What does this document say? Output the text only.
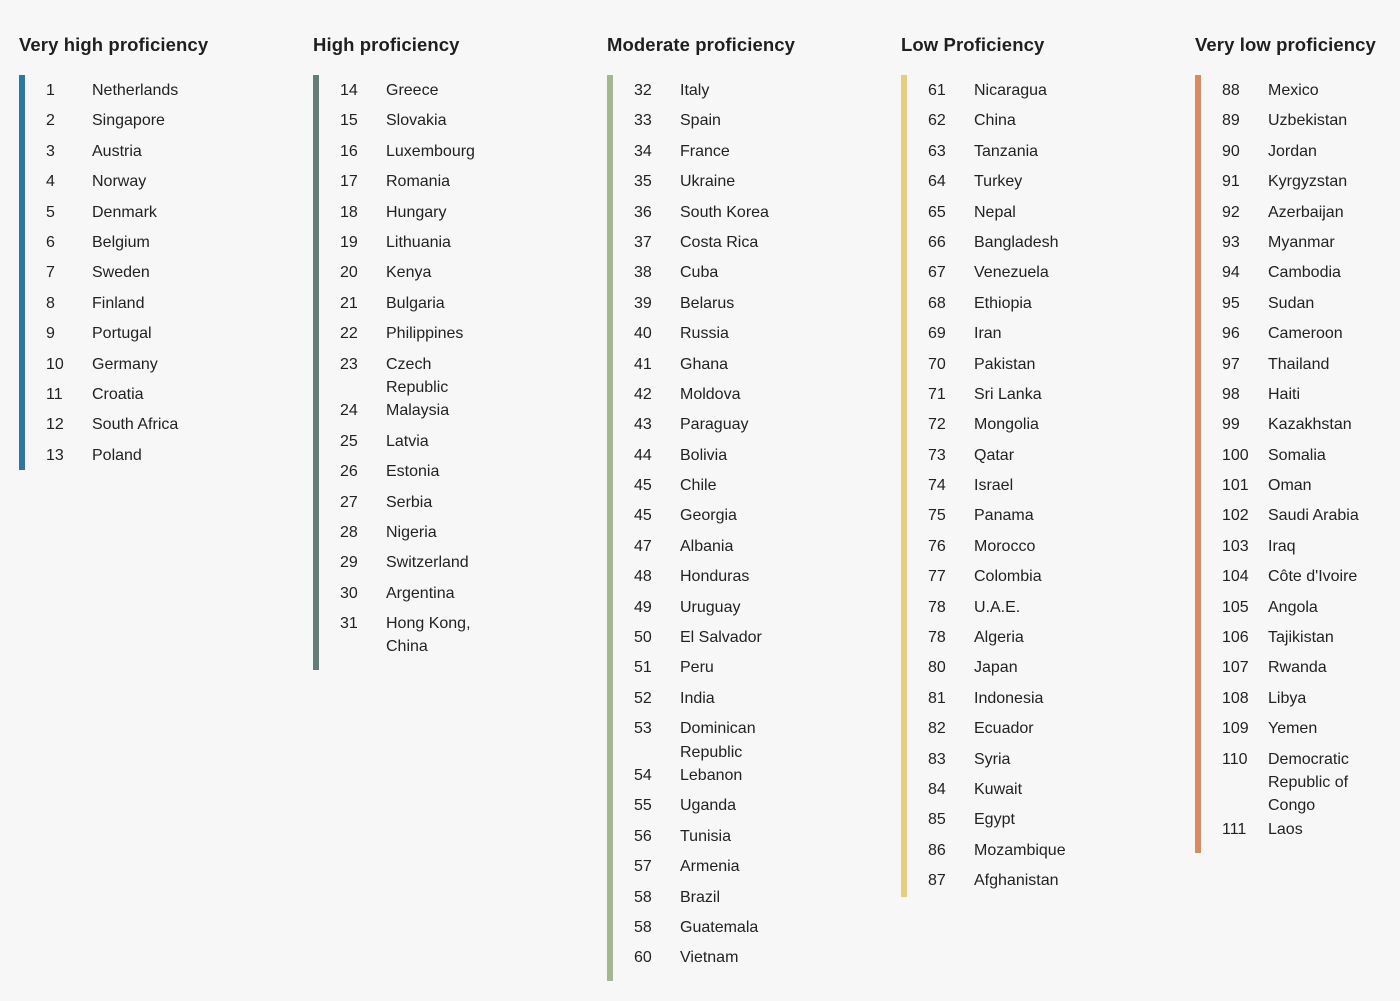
Very high proficiency
1	Netherlands
2	Singapore
3	Austria
4	Norway
5	Denmark
6	Belgium
7	Sweden
8	Finland
9	Portugal
10	Germany
11	Croatia
12	South Africa
13	Poland
High proficiency
14	Greece
15	Slovakia
16	Luxembourg
17	Romania
18	Hungary
19	Lithuania
20	Kenya
21	Bulgaria
22	Philippines
23	Czech Republic
24	Malaysia
25	Latvia
26	Estonia
27	Serbia
28	Nigeria
29	Switzerland
30	Argentina
31	Hong Kong, China
Moderate proficiency
32	Italy
33	Spain
34	France
35	Ukraine
36	South Korea
37	Costa Rica
38	Cuba
39	Belarus
40	Russia
41	Ghana
42	Moldova
43	Paraguay
44	Bolivia
45	Chile
45	Georgia
47	Albania
48	Honduras
49	Uruguay
50	El Salvador
51	Peru
52	India
53	Dominican Republic
54	Lebanon
55	Uganda
56	Tunisia
57	Armenia
58	Brazil
58	Guatemala
60	Vietnam
Low Proficiency
61	Nicaragua
62	China
63	Tanzania
64	Turkey
65	Nepal
66	Bangladesh
67	Venezuela
68	Ethiopia
69	Iran
70	Pakistan
71	Sri Lanka
72	Mongolia
73	Qatar
74	Israel
75	Panama
76	Morocco
77	Colombia
78	U.A.E.
78	Algeria
80	Japan
81	Indonesia
82	Ecuador
83	Syria
84	Kuwait
85	Egypt
86	Mozambique
87	Afghanistan
Very low proficiency
88	Mexico
89	Uzbekistan
90	Jordan
91	Kyrgyzstan
92	Azerbaijan
93	Myanmar
94	Cambodia
95	Sudan
96	Cameroon
97	Thailand
98	Haiti
99	Kazakhstan
100	Somalia
101	Oman
102	Saudi Arabia
103	Iraq
104	Côte d'Ivoire
105	Angola
106	Tajikistan
107	Rwanda
108	Libya
109	Yemen
110	Democratic Republic of Congo
111	Laos
